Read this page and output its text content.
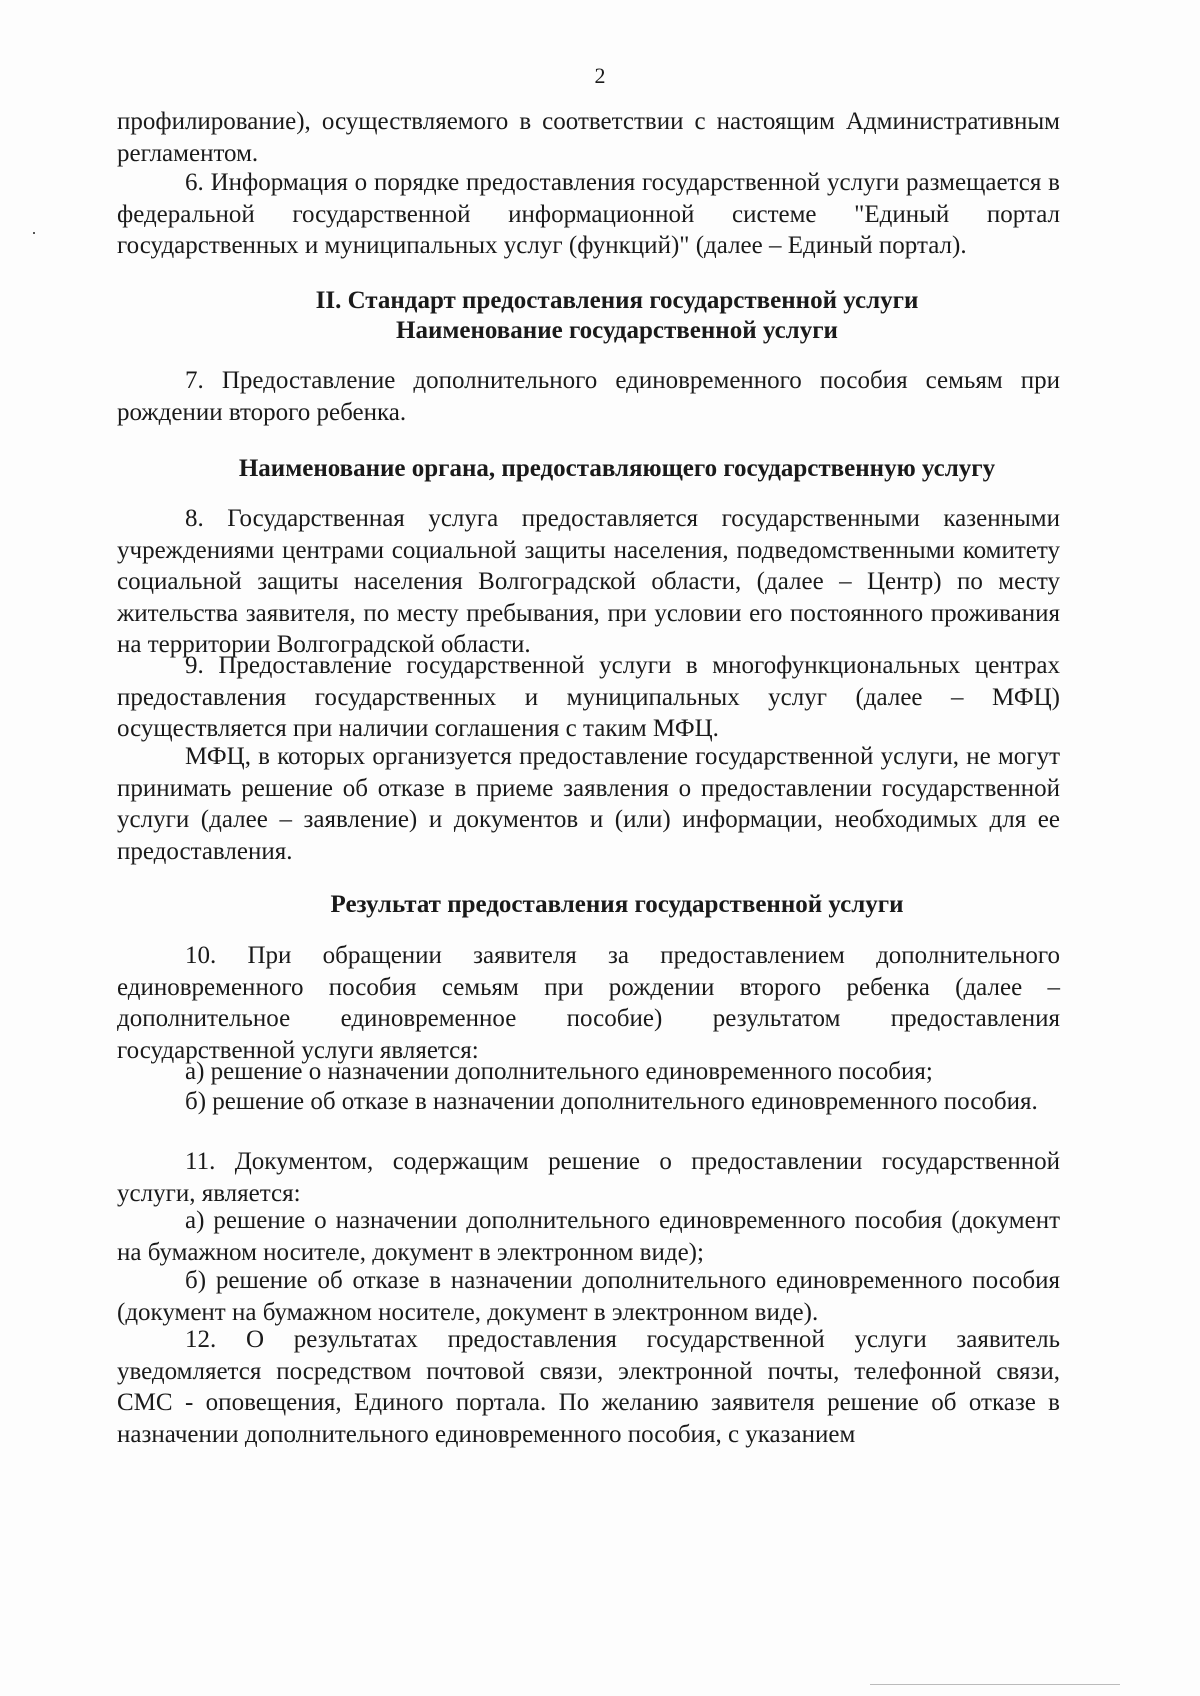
2

профилирование), осуществляемого в соответствии с настоящим Административным регламентом.

6. Информация о порядке предоставления государственной услуги размещается в федеральной государственной информационной системе "Единый портал государственных и муниципальных услуг (функций)" (далее – Единый портал).

II. Стандарт предоставления государственной услуги
Наименование государственной услуги

7. Предоставление дополнительного единовременного пособия семьям при рождении второго ребенка.

Наименование органа, предоставляющего государственную услугу

8. Государственная услуга предоставляется государственными казенными учреждениями центрами социальной защиты населения, подведомственными комитету социальной защиты населения Волгоградской области, (далее – Центр) по месту жительства заявителя, по месту пребывания, при условии его постоянного проживания на территории Волгоградской области.

9. Предоставление государственной услуги в многофункциональных центрах предоставления государственных и муниципальных услуг (далее – МФЦ) осуществляется при наличии соглашения с таким МФЦ.

МФЦ, в которых организуется предоставление государственной услуги, не могут принимать решение об отказе в приеме заявления о предоставлении государственной услуги (далее – заявление) и документов и (или) информации, необходимых для ее предоставления.

Результат предоставления государственной услуги

10. При обращении заявителя за предоставлением дополнительного единовременного пособия семьям при рождении второго ребенка (далее – дополнительное единовременное пособие) результатом предоставления государственной услуги является:

а) решение о назначении дополнительного единовременного пособия;

б) решение об отказе в назначении дополнительного единовременного пособия.

11. Документом, содержащим решение о предоставлении государственной услуги, является:

а) решение о назначении дополнительного единовременного пособия (документ на бумажном носителе, документ в электронном виде);

б) решение об отказе в назначении дополнительного единовременного пособия (документ на бумажном носителе, документ в электронном виде).

12. О результатах предоставления государственной услуги заявитель уведомляется посредством почтовой связи, электронной почты, телефонной связи, СМС - оповещения, Единого портала. По желанию заявителя решение об отказе в назначении дополнительного единовременного пособия, с указанием
